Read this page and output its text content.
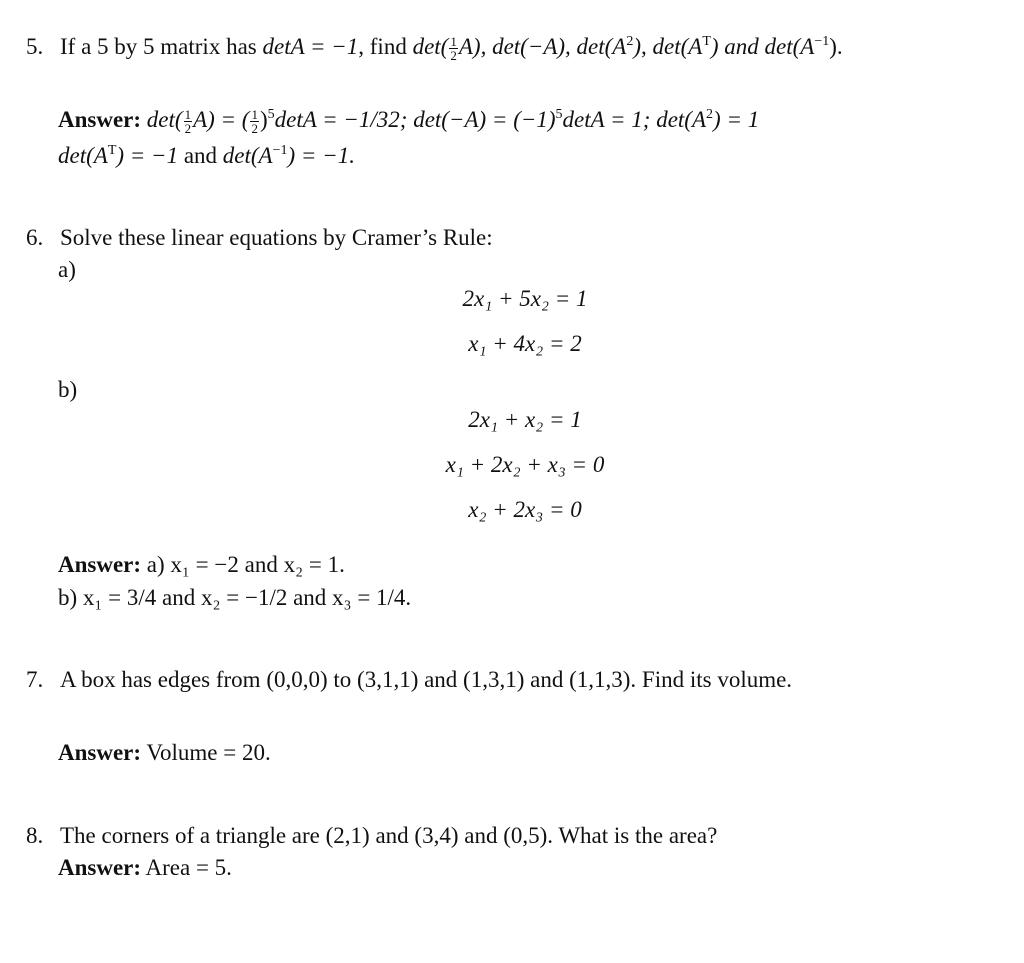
5. If a 5 by 5 matrix has detA = −1, find $\det( \frac{1}{2} A)$, det(−A), $\det(A^2)$, $\det(A^T)$ and $\det(A^{-1})$.
Answer: $\det( \frac{1}{2} A)$ = ( $\frac{1}{2} )^5\det A = -1/32$; $\det(-A) = (-1)^5\det A = 1$; $\det(A^2) = 1$
$\det(A^T) = -1$ and $\det(A^{-1}) = -1$.
6. Solve these linear equations by Cramer’s Rule:
a)
2x₁ + 5x₂ = 1
x₁ + 4x₂ = 2
b)
2x₁ + x₂ = 1
x₁ + 2x₂ + x₃ = 0
x₂ + 2x₃ = 0
Answer: a) x₁ = −2 and x₂ = 1.
b) x₁ = 3/4 and x₂ = −1/2 and x₃ = 1/4.
7. A box has edges from (0,0,0) to (3,1,1) and (1,3,1) and (1,1,3). Find its volume.
Answer: Volume = 20.
8. The corners of a triangle are (2,1) and (3,4) and (0,5). What is the area?
Answer: Area = 5.
